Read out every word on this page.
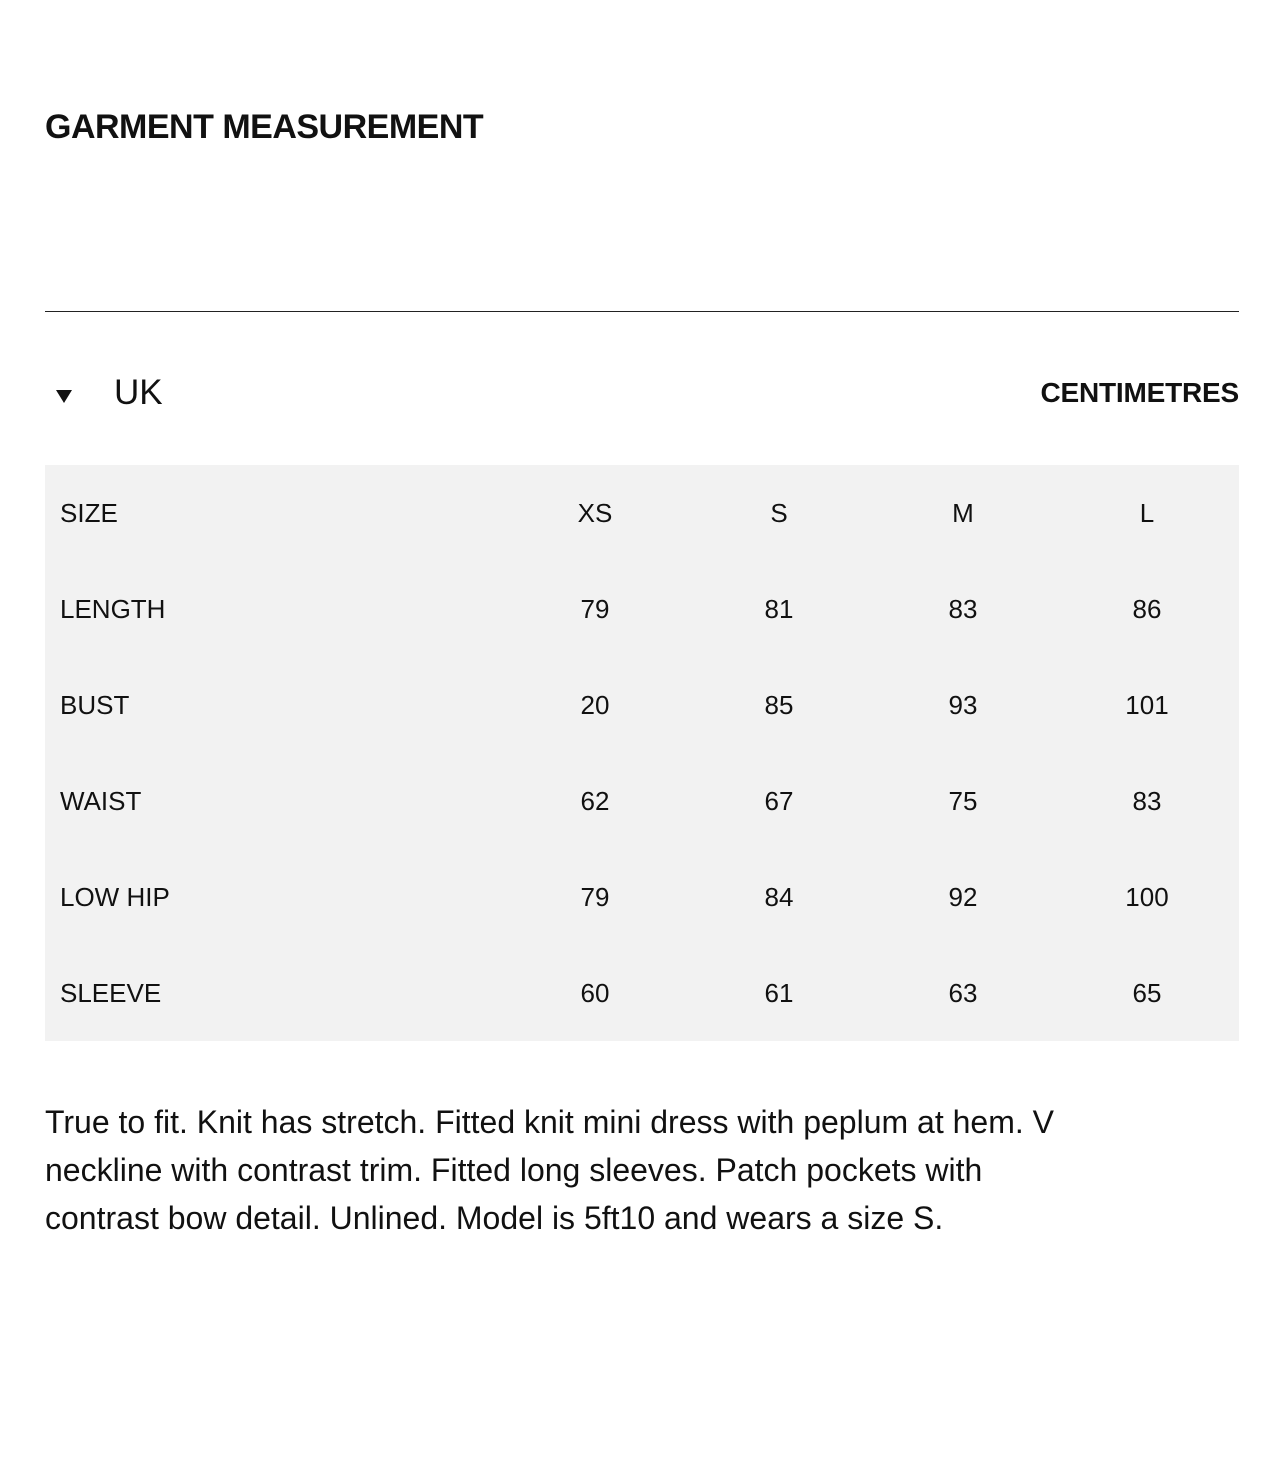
GARMENT MEASUREMENT
UK	CENTIMETRES
SIZE	XS	S	M	L
LENGTH	79	81	83	86
BUST	20	85	93	101
WAIST	62	67	75	83
LOW HIP	79	84	92	100
SLEEVE	60	61	63	65

True to fit. Knit has stretch. Fitted knit mini dress with peplum at hem. V neckline with contrast trim. Fitted long sleeves. Patch pockets with contrast bow detail. Unlined. Model is 5ft10 and wears a size S.
